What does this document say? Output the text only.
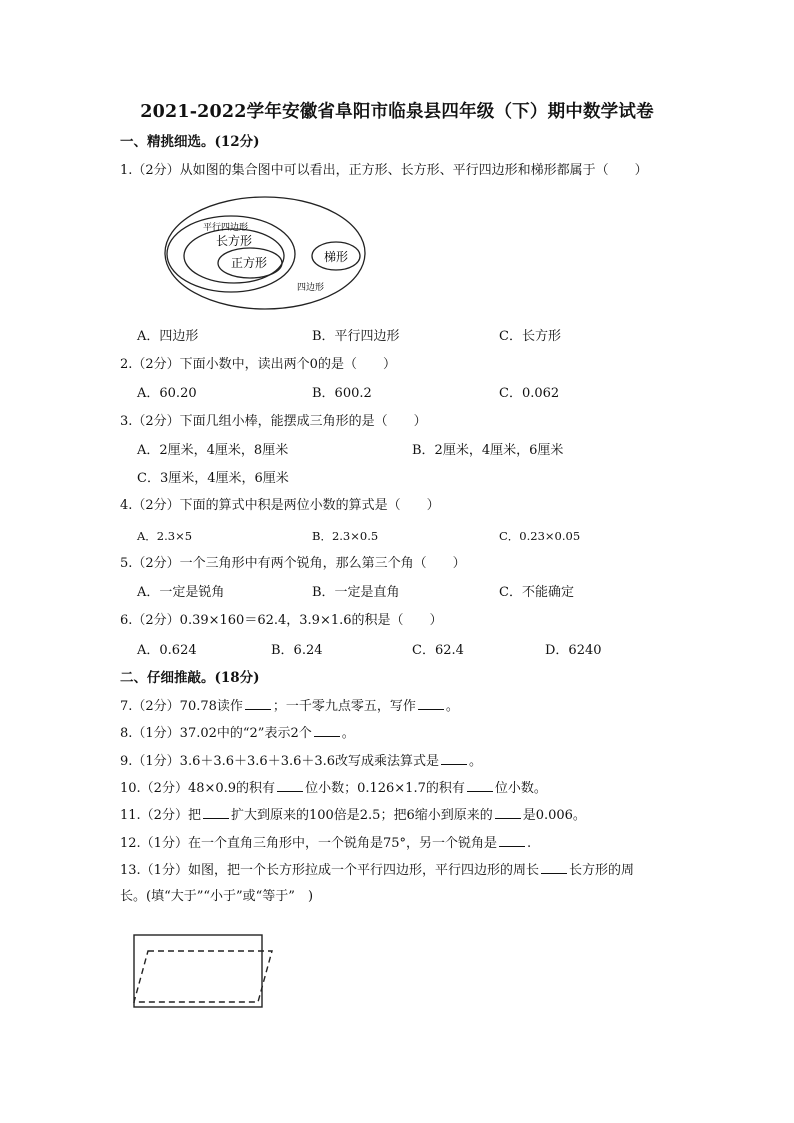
2021-2022学年安徽省阜阳市临泉县四年级（下）期中数学试卷
一、精挑细选。(12分)
1.（2分）从如图的集合图中可以看出，正方形、长方形、平行四边形和梯形都属于（　　）
平行四边形
长方形
正方形	梯形
四边形
A．四边形	B．平行四边形	C．长方形
2.（2分）下面小数中，读出两个0的是（　　）
A．60.20	B．600.2	C．0.062
3.（2分）下面几组小棒，能摆成三角形的是（　　）
A．2厘米，4厘米，8厘米	B．2厘米，4厘米，6厘米
C．3厘米，4厘米，6厘米
4.（2分）下面的算式中积是两位小数的算式是（　　）
A．2.3×5	B．2.3×0.5	C．0.23×0.05
5.（2分）一个三角形中有两个锐角，那么第三个角（　　）
A．一定是锐角	B．一定是直角	C．不能确定
6.（2分）0.39×160＝62.4，3.9×1.6的积是（　　）
A．0.624	B．6.24	C．62.4	D．6240
二、仔细推敲。(18分)
7.（2分）70.78读作 ；一千零九点零五，写作 。
8.（1分）37.02中的“2”表示2个 。
9.（1分）3.6＋3.6＋3.6＋3.6＋3.6改写成乘法算式是 。
10.（2分）48×0.9的积有 位小数；0.126×1.7的积有 位小数。
11.（2分）把 扩大到原来的100倍是2.5；把6缩小到原来的 是0.006。
12.（1分）在一个直角三角形中，一个锐角是75°，另一个锐角是 .
13.（1分）如图，把一个长方形拉成一个平行四边形，平行四边形的周长 长方形的周
长。(填“大于”“小于”或“等于”　)
